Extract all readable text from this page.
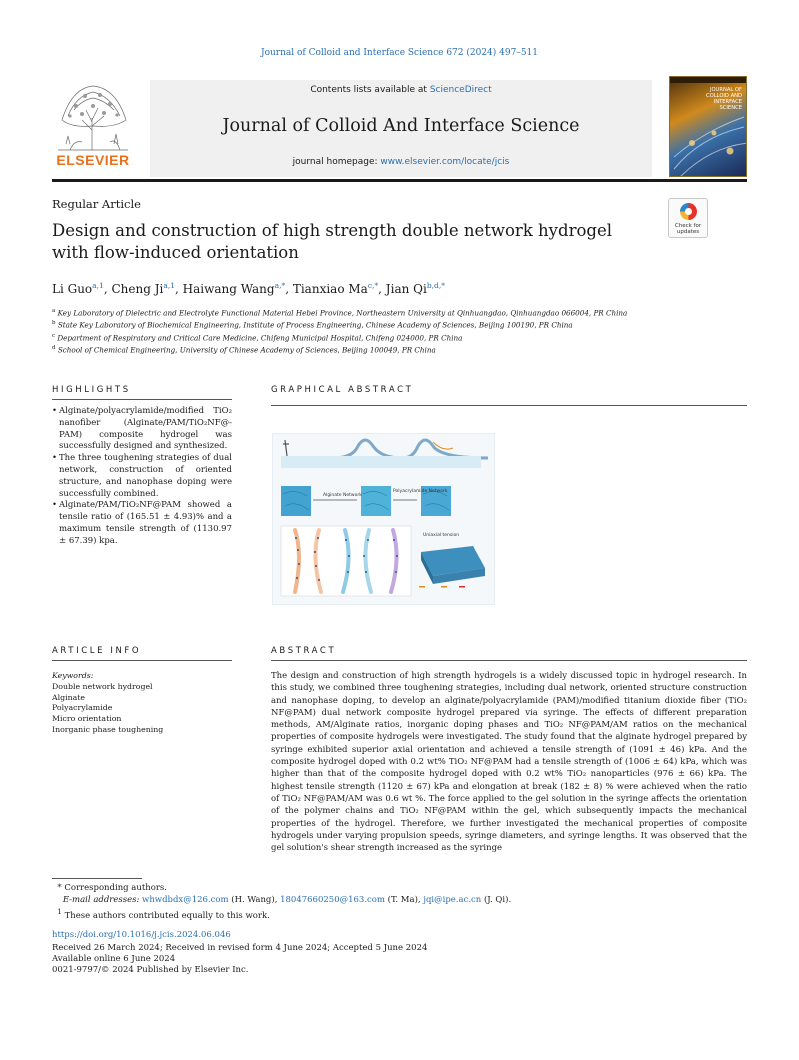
Journal of Colloid and Interface Science 672 (2024) 497–511
ELSEVIER
Contents lists available at ScienceDirect
Journal of Colloid And Interface Science
journal homepage: www.elsevier.com/locate/jcis
JOURNAL OF COLLOID AND INTERFACE SCIENCE
Regular Article
Design and construction of high strength double network hydrogel with flow-induced orientation
Check for updates
Li Guo$^{a,1}$, Cheng Ji$^{a,1}$, Haiwang Wang$^{a,*}$, Tianxiao $Ma^{c,*}$, Jian $Qi^{b,d,*}$
$^a$ Key Laboratory of Dielectric and Electrolyte Functional Material Hebei Province, Northeastern University at Qinhuangdao, Qinhuangdao 066004, PR China
$^b$ State Key Laboratory of Biochemical Engineering, Institute of Process Engineering, Chinese Academy of Sciences, Beijing 100190, PR China
$^c$ Department of Respiratory and Critical Care Medicine, Chifeng Municipal Hospital, Chifeng 024000, PR China
$^d$ School of Chemical Engineering, University of Chinese Academy of Sciences, Beijing 100049, PR China
HIGHLIGHTS
• Alginate/polyacrylamide/modified TiO₂ nanofiber (Alginate/PAM/TiO₂NF@-PAM) composite hydrogel was successfully designed and synthesized.
• The three toughening strategies of dual network, construction of oriented structure, and nanophase doping were successfully combined.
• Alginate/PAM/TiO₂NF@PAM showed a tensile ratio of (165.51 ± 4.93)% and a maximum tensile strength of (1130.97 ± 67.39) kpa.
GRAPHICAL ABSTRACT
Alginate Network
Polyacrylamide Network
Uniaxial tension
ARTICLE INFO
Keywords:
Double network hydrogel
Alginate
Polyacrylamide
Micro orientation
Inorganic phase toughening
ABSTRACT
The design and construction of high strength hydrogels is a widely discussed topic in hydrogel research. In this study, we combined three toughening strategies, including dual network, oriented structure construction and nanophase doping, to develop an alginate/polyacrylamide (PAM)/modified titanium dioxide fiber (TiO₂ NF@PAM) dual network composite hydrogel prepared via syringe. The effects of different preparation methods, AM/Alginate ratios, inorganic doping phases and TiO₂ NF@PAM/AM ratios on the mechanical properties of composite hydrogels were investigated. The study found that the alginate hydrogel prepared by syringe exhibited superior axial orientation and achieved a tensile strength of (1091 ± 46) kPa. And the composite hydrogel doped with 0.2 wt% TiO₂ NF@PAM had a tensile strength of (1006 ± 64) kPa, which was higher than that of the composite hydrogel doped with 0.2 wt% TiO₂ nanoparticles (976 ± 66) kPa. The highest tensile strength (1120 ± 67) kPa and elongation at break (182 ± 8) % were achieved when the ratio of TiO₂ NF@PAM/AM was 0.6 wt %. The force applied to the gel solution in the syringe affects the orientation of the polymer chains and TiO₂ NF@PAM within the gel, which subsequently impacts the mechanical properties of the hydrogel. Therefore, we further investigated the mechanical properties of composite hydrogels under varying propulsion speeds, syringe diameters, and syringe lengths. It was observed that the gel solution's shear strength increased as the syringe
* Corresponding authors.
E-mail addresses: whwdbdx@126.com (H. Wang), 18047660250@163.com (T. Ma), jqi@ipe.ac.cn (J. Qi).
$^1$ These authors contributed equally to this work.
https://doi.org/10.1016/j.jcis.2024.06.046
Received 26 March 2024; Received in revised form 4 June 2024; Accepted 5 June 2024
Available online 6 June 2024
0021-9797/© 2024 Published by Elsevier Inc.
